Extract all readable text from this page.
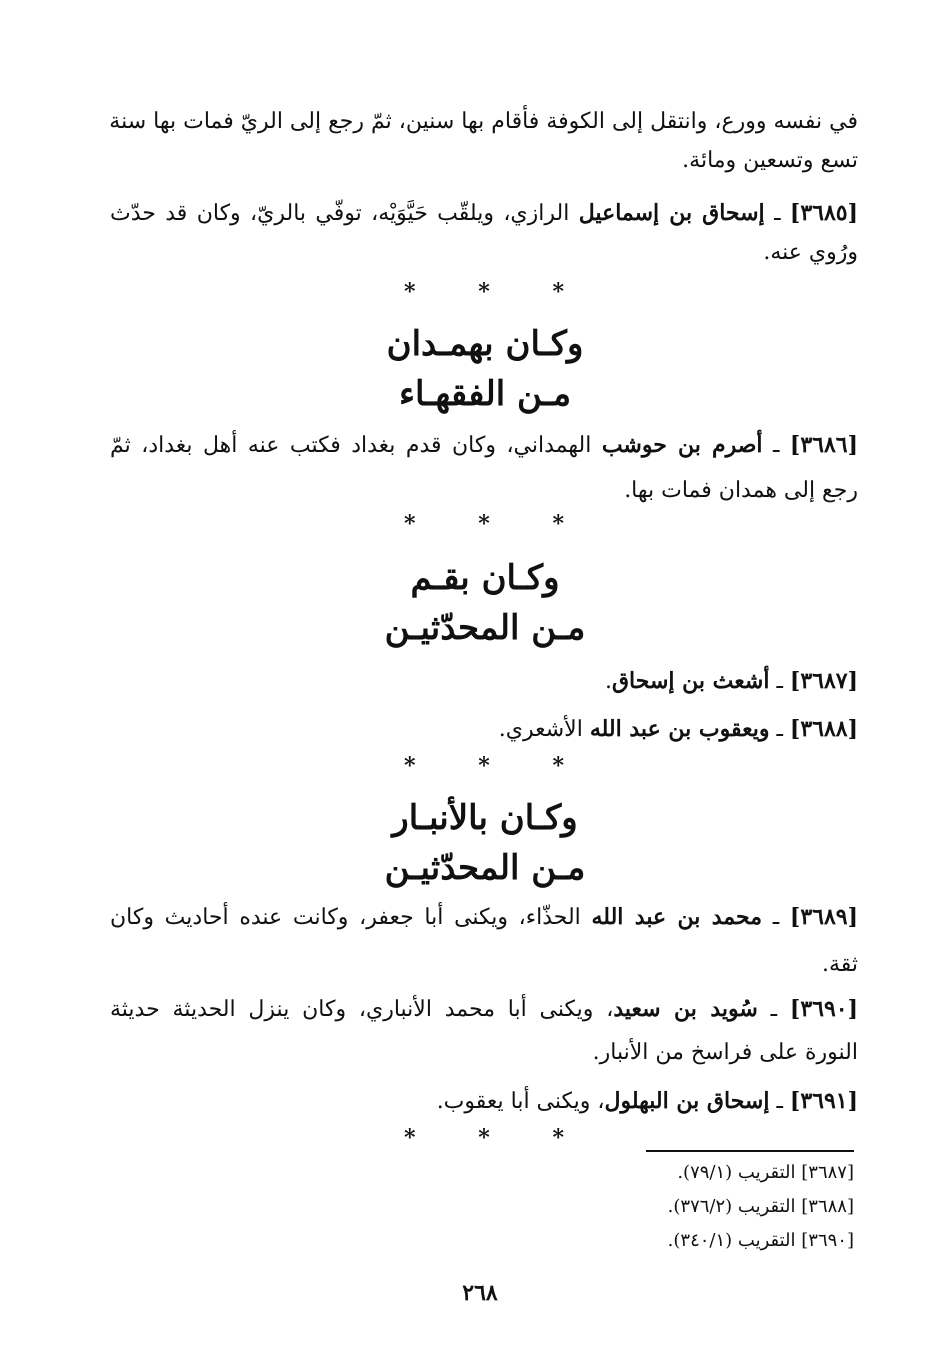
في نفسه وورع، وانتقل إلى الكوفة فأقام بها سنين، ثمّ رجع إلى الريّ فمات بها سنة
تسع وتسعين ومائة.
[٣٦٨٥] ـ إسحاق بن إسماعيل الرازي، ويلقّب حَيَّوَيْه، توفّي بالريّ، وكان قد حدّث
ورُوي عنه.
*	*	*
وكـان بهمـدان
مـن الفقهـاء
[٣٦٨٦] ـ أصرم بن حوشب الهمداني، وكان قدم بغداد فكتب عنه أهل بغداد، ثمّ
رجع إلى همدان فمات بها.
*	*	*
وكـان بقـم
مـن المحدّثيـن
[٣٦٨٧] ـ أشعث بن إسحاق.
[٣٦٨٨] ـ ويعقوب بن عبد الله الأشعري.
*	*	*
وكـان بالأنبـار
مـن المحدّثيـن
[٣٦٨٩] ـ محمد بن عبد الله الحذّاء، ويكنى أبا جعفر، وكانت عنده أحاديث وكان
ثقة.
[٣٦٩٠] ـ سُويد بن سعيد، ويكنى أبا محمد الأنباري، وكان ينزل الحديثة حديثة
النورة على فراسخ من الأنبار.
[٣٦٩١] ـ إسحاق بن البهلول، ويكنى أبا يعقوب.
*	*	*
[٣٦٨٧] التقريب (٧٩/١).
[٣٦٨٨] التقريب (٣٧٦/٢).
[٣٦٩٠] التقريب (٣٤٠/١).
٢٦٨
